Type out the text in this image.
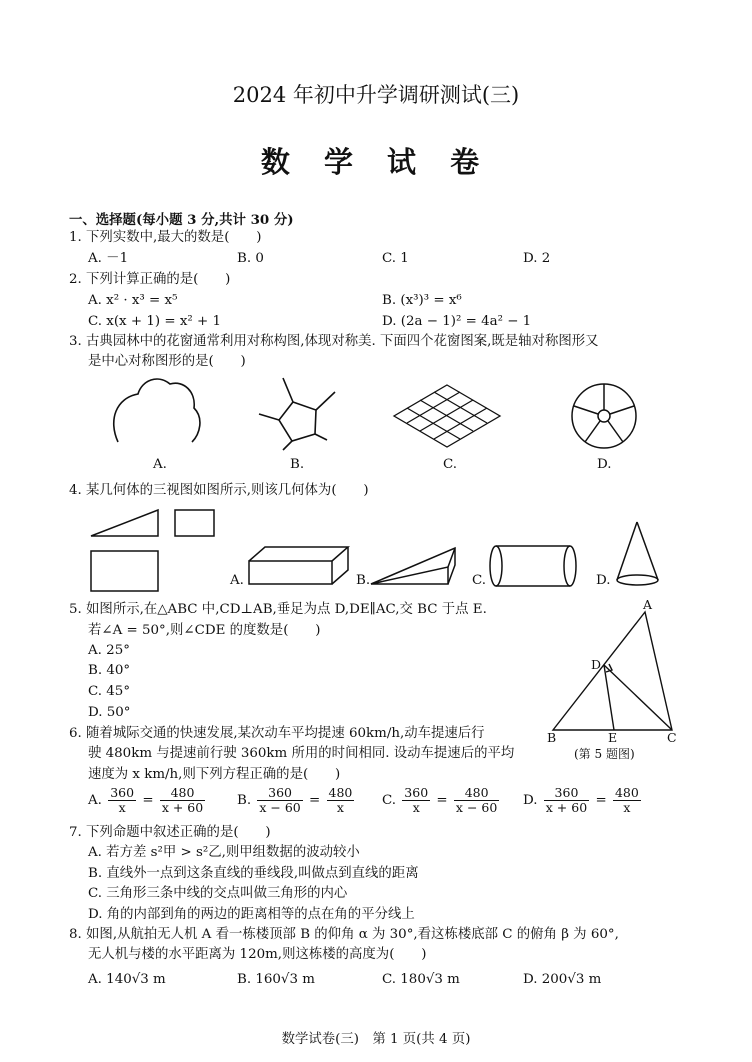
2024 年初中升学调研测试(三)
数 学 试 卷
一、选择题(每小题 3 分,共计 30 分)
1. 下列实数中,最大的数是(　　)
A. －1	B. 0	C. 1	D. 2
2. 下列计算正确的是(　　)
A. x² · x³ = x⁵	B. (x³)³ = x⁶
C. x(x + 1) = x² + 1	D. (2a − 1)² = 4a² − 1
3. 古典园林中的花窗通常利用对称构图,体现对称美. 下面四个花窗图案,既是轴对称图形又
是中心对称图形的是(　　)
A.	B.	C.	D.
4. 某几何体的三视图如图所示,则该几何体为(　　)
A.	B.	C.	D.
5. 如图所示,在△ABC 中,CD⊥AB,垂足为点 D,DE∥AC,交 BC 于点 E.
若∠A = 50°,则∠CDE 的度数是(　　)
A. 25°
B. 40°
C. 45°
D. 50°
A
D
B	E	C
(第 5 题图)
6. 随着城际交通的快速发展,某次动车平均提速 60km/h,动车提速后行
驶 480km 与提速前行驶 360km 所用的时间相同. 设动车提速后的平均
速度为 x km/h,则下列方程正确的是(　　)
A. $\frac{360}{x} = \frac{480}{x + 60} B$. $\frac{360}{x - 60} = \frac{480}{x} C$. $\frac{360}{x} = \frac{480}{x - 60} D$. $\frac{360}{x + 60} = \frac{480}{x}$
7. 下列命题中叙述正确的是(　　)
A. 若方差 s²甲 > s²乙,则甲组数据的波动较小
B. 直线外一点到这条直线的垂线段,叫做点到直线的距离
C. 三角形三条中线的交点叫做三角形的内心
D. 角的内部到角的两边的距离相等的点在角的平分线上
8. 如图,从航拍无人机 A 看一栋楼顶部 B 的仰角 α 为 30°,看这栋楼底部 C 的俯角 β 为 60°,
无人机与楼的水平距离为 120m,则这栋楼的高度为(　　)
A. 140√3 m	B. 160√3 m	C. 180√3 m	D. 200√3 m
数学试卷(三)　第 1 页(共 4 页)
